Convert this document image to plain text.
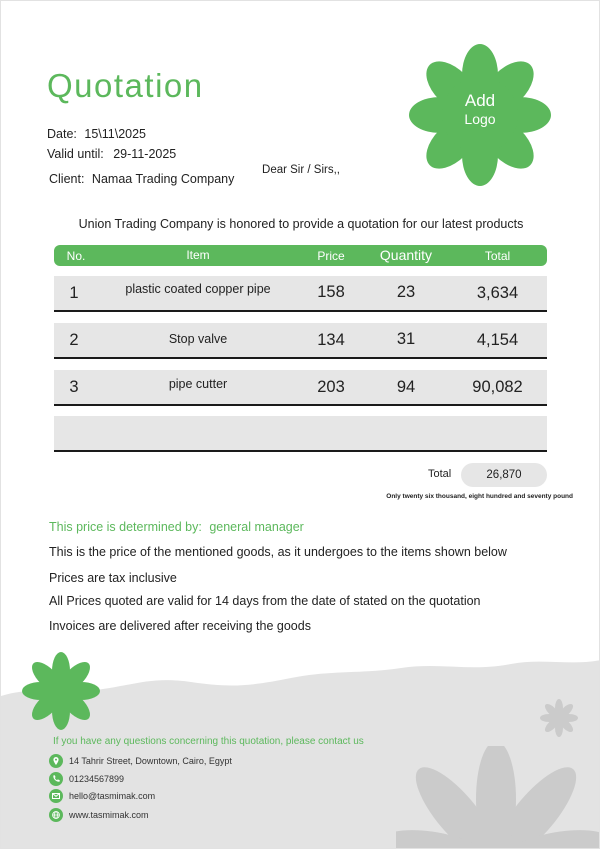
Quotation
Date: 15\11\2025
Valid until: 29-11-2025
Client: Namaa Trading Company
Add
Logo
Dear Sir / Sirs,,
Union Trading Company is honored to provide a quotation for our latest products
No.	Item	Price	Quantity	Total
1	plastic coated copper pipe	158	23	3,634
2	Stop valve	134	31	4,154
3	pipe cutter	203	94	90,082
Total	26,870
Only twenty six thousand, eight hundred and seventy pound
This price is determined by: general manager
This is the price of the mentioned goods, as it undergoes to the items shown below
Prices are tax inclusive
All Prices quoted are valid for 14 days from the date of stated on the quotation
Invoices are delivered after receiving the goods
If you have any questions concerning this quotation, please contact us
14 Tahrir Street, Downtown, Cairo, Egypt
01234567899
hello@tasmimak.com
www.tasmimak.com
